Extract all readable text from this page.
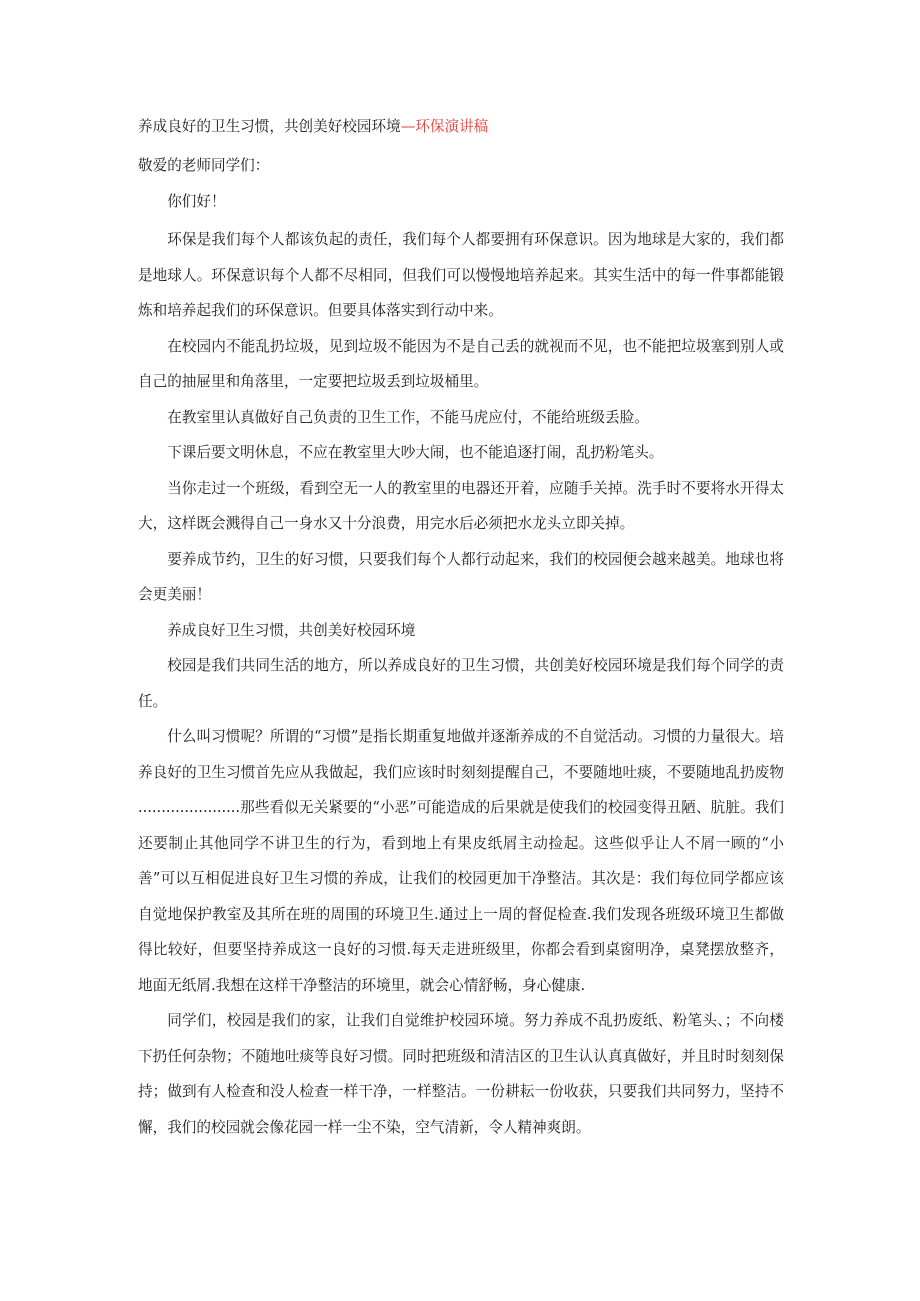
养成良好的卫生习惯，共创美好校园环境—环保演讲稿

敬爱的老师同学们：

你们好！

环保是我们每个人都该负起的责任，我们每个人都要拥有环保意识。因为地球是大家的，我们都是地球人。环保意识每个人都不尽相同，但我们可以慢慢地培养起来。其实生活中的每一件事都能锻炼和培养起我们的环保意识。但要具体落实到行动中来。

在校园内不能乱扔垃圾，见到垃圾不能因为不是自己丢的就视而不见，也不能把垃圾塞到别人或自己的抽屉里和角落里，一定要把垃圾丢到垃圾桶里。

在教室里认真做好自己负责的卫生工作，不能马虎应付，不能给班级丢脸。

下课后要文明休息，不应在教室里大吵大闹，也不能追逐打闹，乱扔粉笔头。

当你走过一个班级，看到空无一人的教室里的电器还开着，应随手关掉。洗手时不要将水开得太大，这样既会溅得自己一身水又十分浪费，用完水后必须把水龙头立即关掉。

要养成节约，卫生的好习惯，只要我们每个人都行动起来，我们的校园便会越来越美。地球也将会更美丽！

养成良好卫生习惯，共创美好校园环境

校园是我们共同生活的地方，所以养成良好的卫生习惯，共创美好校园环境是我们每个同学的责任。

什么叫习惯呢？所谓的“习惯”是指长期重复地做并逐渐养成的不自觉活动。习惯的力量很大。培养良好的卫生习惯首先应从我做起，我们应该时时刻刻提醒自己，不要随地吐痰，不要随地乱扔废物 ......................那些看似无关紧要的“小恶”可能造成的后果就是使我们的校园变得丑陋、肮脏。我们还要制止其他同学不讲卫生的行为，看到地上有果皮纸屑主动捡起。这些似乎让人不屑一顾的“小善”可以互相促进良好卫生习惯的养成，让我们的校园更加干净整洁。其次是：我们每位同学都应该自觉地保护教室及其所在班的周围的环境卫生.通过上一周的督促检查.我们发现各班级环境卫生都做得比较好，但要坚持养成这一良好的习惯.每天走进班级里，你都会看到桌窗明净，桌凳摆放整齐，地面无纸屑.我想在这样干净整洁的环境里，就会心情舒畅，身心健康.

同学们，校园是我们的家，让我们自觉维护校园环境。努力养成不乱扔废纸、粉笔头、；不向楼下扔任何杂物；不随地吐痰等良好习惯。同时把班级和清洁区的卫生认认真真做好，并且时时刻刻保持；做到有人检查和没人检查一样干净，一样整洁。一份耕耘一份收获，只要我们共同努力，坚持不懈，我们的校园就会像花园一样一尘不染，空气清新，令人精神爽朗。
